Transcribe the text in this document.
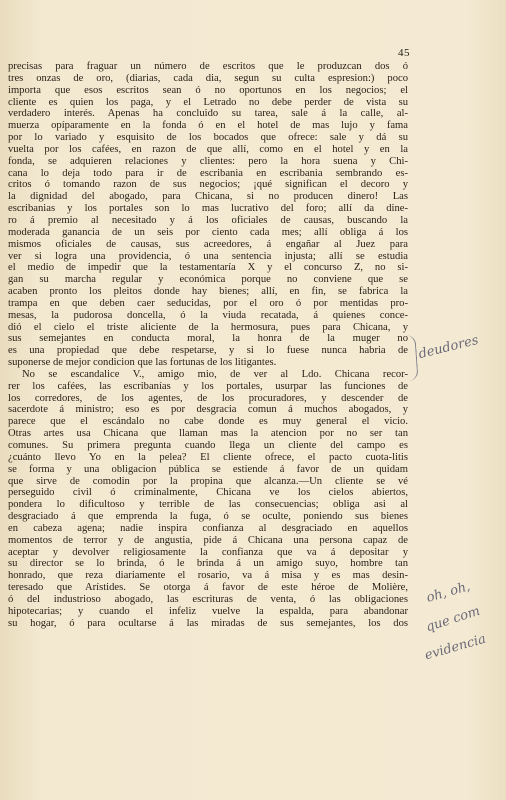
45
precisas para fraguar un número de escritos que le produzcan dos ó
tres onzas de oro, (diarias, cada dia, segun su culta espresion:) poco
importa que esos escritos sean ó no oportunos en los negocios; el
cliente es quien los paga, y el Letrado no debe perder de vista su
verdadero interés. Apenas ha concluido su tarea, sale á la calle, al-
muerza opíparamente en la fonda ó en el hotel de mas lujo y fama
por lo variado y esquisito de los bocados que ofrece: sale y dá su
vuelta por los cafées, en razon de que allí, como en el hotel y en la
fonda, se adquieren relaciones y clientes: pero la hora suena y Chi-
cana lo deja todo para ir de escribania en escribania sembrando es-
critos ó tomando razon de sus negocios; ¡qué significan el decoro y
la dignidad del abogado, para Chicana, si no producen dinero! Las
escribanias y los portales son lo mas lucrativo del foro; allí da dine-
ro á premio al necesitado y á los oficiales de causas, buscando la
moderada ganancia de un seis por ciento cada mes; allí obliga á los
mismos oficiales de causas, sus acreedores, á engañar al Juez para
ver si logra una providencia, ó una sentencia injusta; allí se estudia
el medio de impedir que la testamentaría X y el concurso Z, no si-
gan su marcha regular y económica porque no conviene que se
acaben pronto los pleitos donde hay bienes; allí, en fin, se fabrica la
trampa en que deben caer seducidas, por el oro ó por mentidas pro-
mesas, la pudorosa doncella, ó la viuda recatada, á quienes conce-
dió el cielo el triste aliciente de la hermosura, pues para Chicana, y
sus semejantes en conducta moral, la honra de la muger no
es una propiedad que debe respetarse, y si lo fuese nunca habria de
suponerse de mejor condicion que las fortunas de los litigantes.
No se escandalice V., amigo mio, de ver al Ldo. Chicana recor-
rer los cafées, las escribanías y los portales, usurpar las funciones de
los corredores, de los agentes, de los procuradores, y descender de
sacerdote á ministro; eso es por desgracia comun á muchos abogados, y
parece que el escándalo no cabe donde es muy general el vicio.
Otras artes usa Chicana que llaman mas la atencion por no ser tan
comunes. Su primera pregunta cuando llega un cliente del campo es
¿cuánto llevo Yo en la pelea? El cliente ofrece, el pacto cuota-litis
se forma y una obligacion pública se estiende á favor de un quidam
que sirve de comodin por la propina que alcanza.—Un cliente se vé
perseguido civil ó criminalmente, Chicana ve los cielos abiertos,
pondera lo dificultoso y terrible de las consecuencias; obliga asi al
desgraciado á que emprenda la fuga, ó se oculte, poniendo sus bienes
en cabeza agena; nadie inspira confianza al desgraciado en aquellos
momentos de terror y de angustia, pide á Chicana una persona capaz de
aceptar y devolver religiosamente la confianza que va á depositar y
su director se lo brinda, ó le brinda á un amigo suyo, hombre tan
honrado, que reza diariamente el rosario, va á misa y es mas desin-
teresado que Arístides. Se otorga á favor de este héroe de Molière,
ó del industrioso abogado, las escrituras de venta, ó las obligaciones
hipotecarias; y cuando el infeliz vuelve la espalda, para abandonar
su hogar, ó para ocultarse á las miradas de sus semejantes, los dos
deudores
oh, oh,
que com
evidencia
